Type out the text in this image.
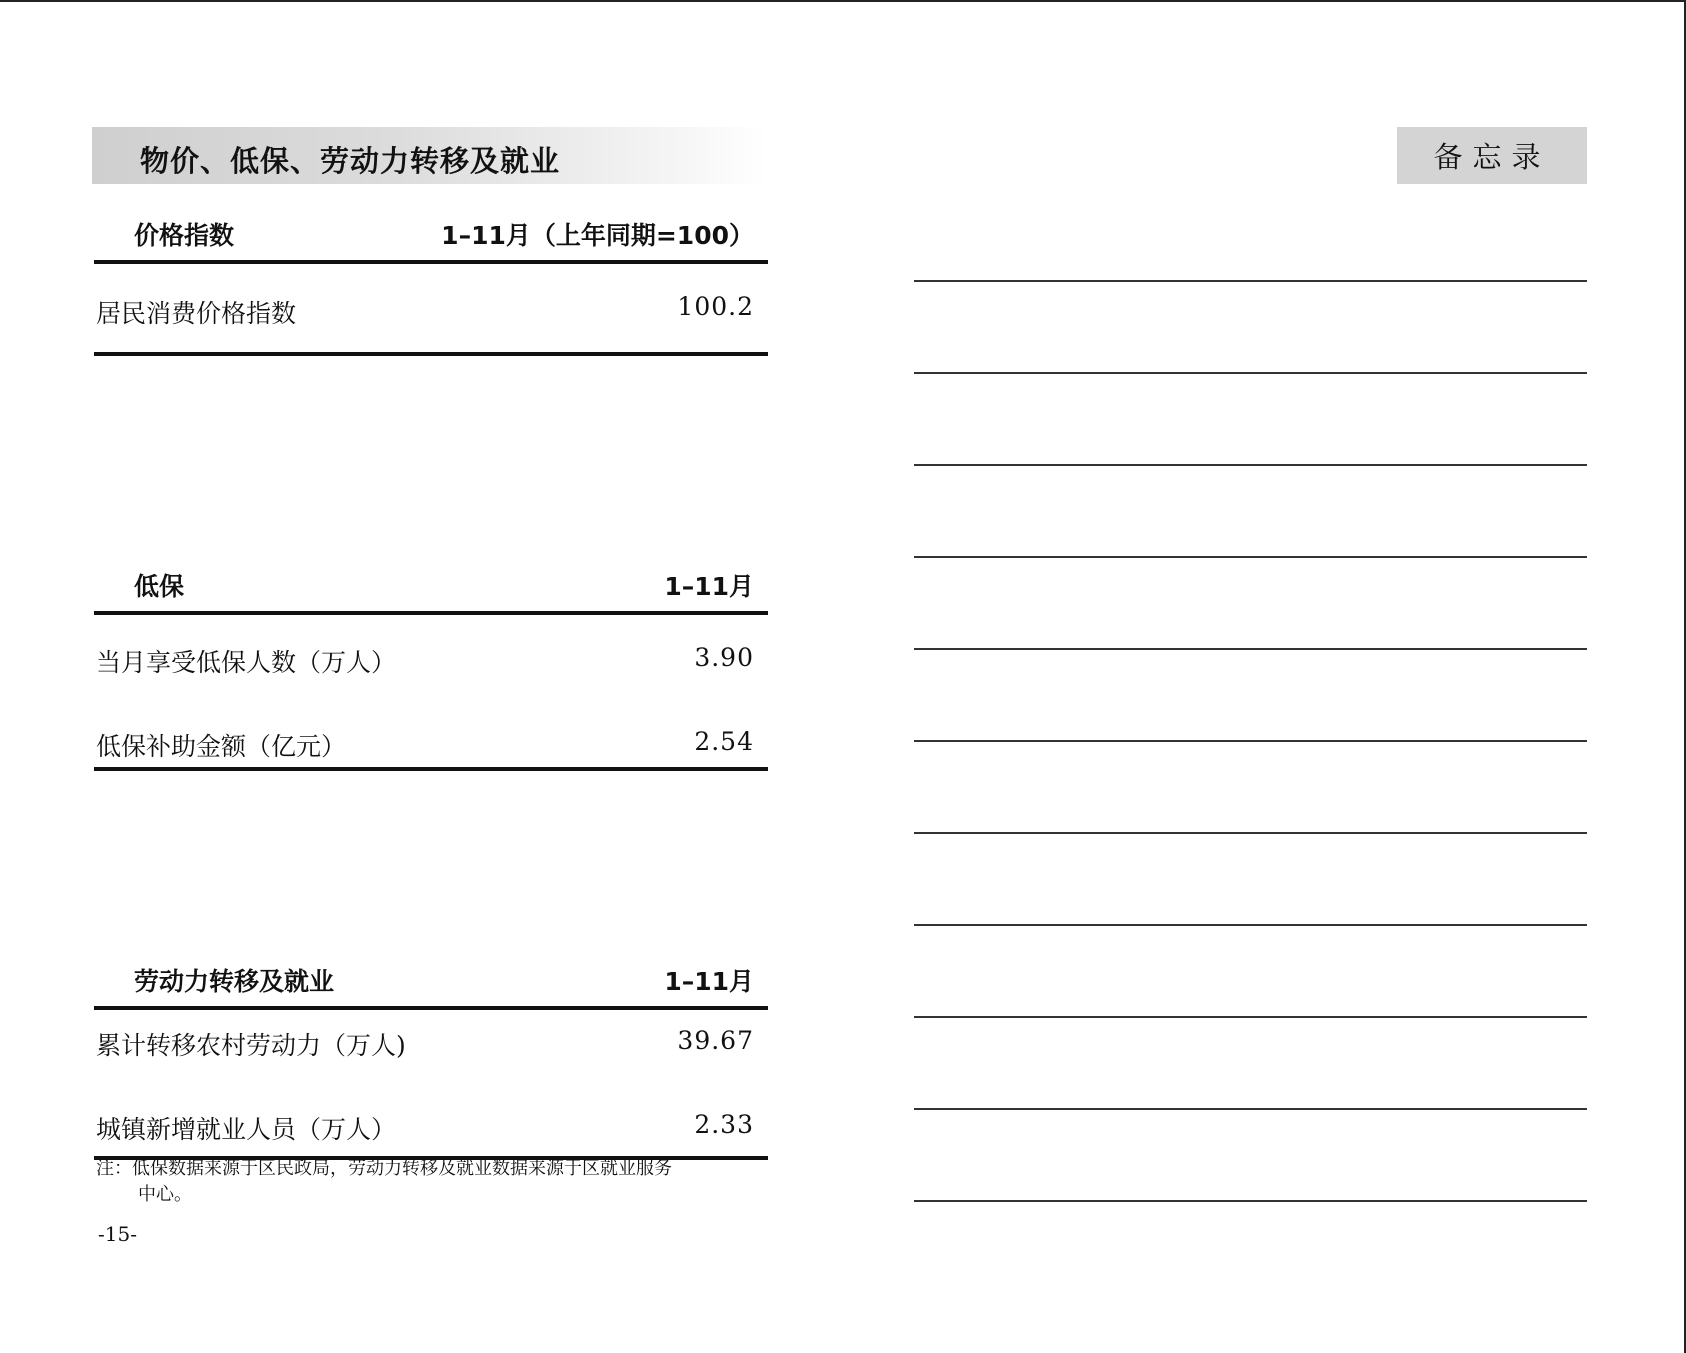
物价、低保、劳动力转移及就业
价格指数	1–11月（上年同期=100）
居民消费价格指数	100.2
低保	1–11月
当月享受低保人数（万人）	3.90
低保补助金额（亿元）	2.54
劳动力转移及就业	1–11月
累计转移农村劳动力（万人)	39.67
城镇新增就业人员（万人）	2.33
注：低保数据来源于区民政局，劳动力转移及就业数据来源于区就业服务
中心。
-15-
备忘录
